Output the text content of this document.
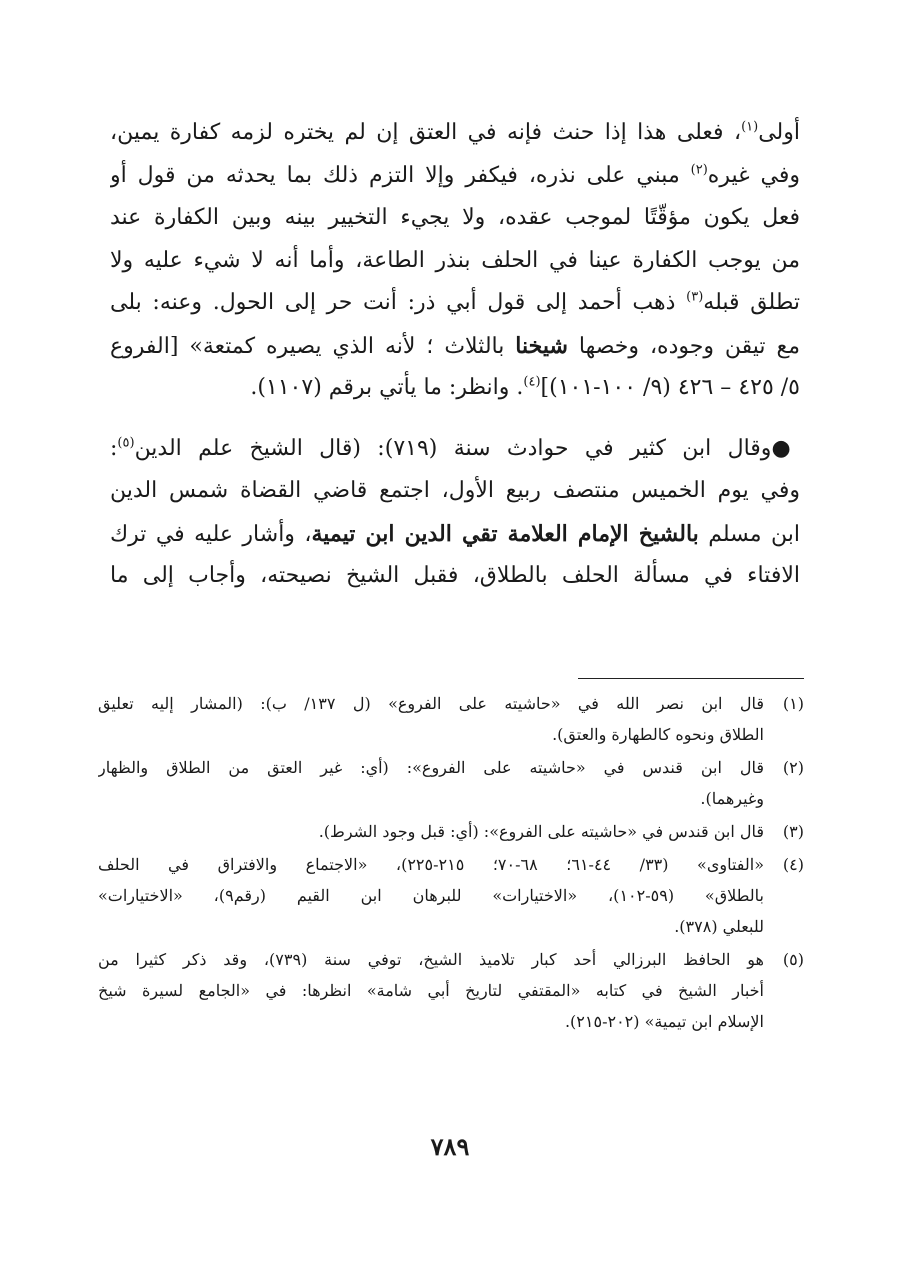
أولى$^{(١)}$، فعلى هذا إذا حنث فإنه في العتق إن لم يختره لزمه كفارة يمين،
وفي غيره$^{(٢)}$ مبني على نذره، فيكفر وإلا التزم ذلك بما يحدثه من قول أو
فعل يكون مؤقّتًا لموجب عقده، ولا يجيء التخيير بينه وبين الكفارة عند
من يوجب الكفارة عينا في الحلف بنذر الطاعة، وأما أنه لا شيء عليه ولا
تطلق قبله$^{(٣)}$ ذهب أحمد إلى قول أبي ذر: أنت حر إلى الحول. وعنه: بلى
مع تيقن وجوده، وخصها شيخنا بالثلاث ؛ لأنه الذي يصيره كمتعة» [الفروع
٥/ ٤٢٥ – ٤٢٦ (٩/ ١٠٠-١٠١)]$^{(٤)}$. وانظر: ما يأتي برقم (١١٠٧).
●وقال ابن كثير في حوادث سنة (٧١٩): (قال الشيخ علم الدين$^{(٥)}$:
وفي يوم الخميس منتصف ربيع الأول، اجتمع قاضي القضاة شمس الدين
ابن مسلم بالشيخ الإمام العلامة تقي الدين ابن تيمية، وأشار عليه في ترك
الافتاء في مسألة الحلف بالطلاق، فقبل الشيخ نصيحته، وأجاب إلى ما
(١)
قال ابن نصر الله في «حاشيته على الفروع» (ل ١٣٧/ ب): (المشار إليه تعليق
الطلاق ونحوه كالطهارة والعتق).
(٢)
قال ابن قندس في «حاشيته على الفروع»: (أي: غير العتق من الطلاق والظهار
وغيرهما).
(٣)
قال ابن قندس في «حاشيته على الفروع»: (أي: قبل وجود الشرط).
(٤)
«الفتاوى» (٣٣/ ٤٤-٦١؛ ٦٨-٧٠؛ ٢١٥-٢٢٥)، «الاجتماع والافتراق في الحلف
بالطلاق» (٥٩-١٠٢)، «الاختيارات» للبرهان ابن القيم (رقم٩)، «الاختيارات»
للبعلي (٣٧٨).
(٥)
هو الحافظ البرزالي أحد كبار تلاميذ الشيخ، توفي سنة (٧٣٩)، وقد ذكر كثيرا من
أخبار الشيخ في كتابه «المقتفي لتاريخ أبي شامة» انظرها: في «الجامع لسيرة شيخ
الإسلام ابن تيمية» (٢٠٢-٢١٥).
٧٨٩
